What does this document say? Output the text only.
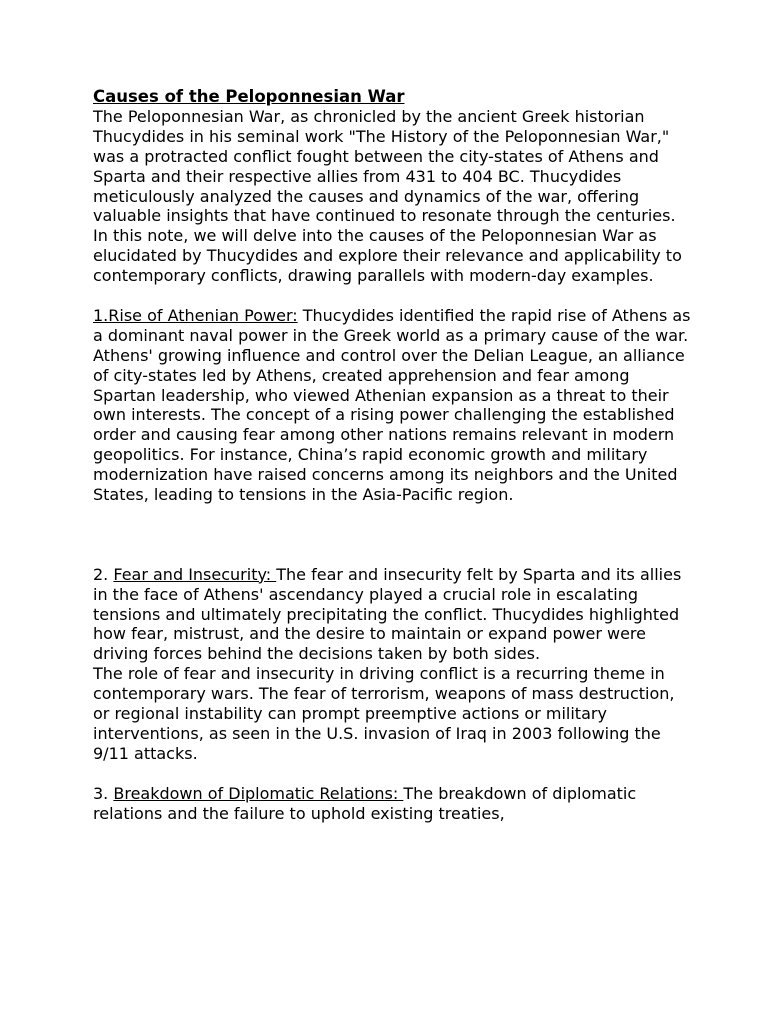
Causes of the Peloponnesian War

The Peloponnesian War, as chronicled by the ancient Greek historian Thucydides in his seminal work "The History of the Peloponnesian War," was a protracted conflict fought between the city-states of Athens and Sparta and their respective allies from 431 to 404 BC. Thucydides meticulously analyzed the causes and dynamics of the war, offering valuable insights that have continued to resonate through the centuries. In this note, we will delve into the causes of the Peloponnesian War as elucidated by Thucydides and explore their relevance and applicability to contemporary conflicts, drawing parallels with modern-day examples.

1.Rise of Athenian Power: Thucydides identified the rapid rise of Athens as a dominant naval power in the Greek world as a primary cause of the war. Athens' growing influence and control over the Delian League, an alliance of city-states led by Athens, created apprehension and fear among Spartan leadership, who viewed Athenian expansion as a threat to their own interests. The concept of a rising power challenging the established order and causing fear among other nations remains relevant in modern geopolitics. For instance, China’s rapid economic growth and military modernization have raised concerns among its neighbors and the United States, leading to tensions in the Asia-Pacific region.

2. Fear and Insecurity: The fear and insecurity felt by Sparta and its allies in the face of Athens' ascendancy played a crucial role in escalating tensions and ultimately precipitating the conflict. Thucydides highlighted how fear, mistrust, and the desire to maintain or expand power were driving forces behind the decisions taken by both sides.

The role of fear and insecurity in driving conflict is a recurring theme in contemporary wars. The fear of terrorism, weapons of mass destruction, or regional instability can prompt preemptive actions or military interventions, as seen in the U.S. invasion of Iraq in 2003 following the 9/11 attacks.

3. Breakdown of Diplomatic Relations: The breakdown of diplomatic relations and the failure to uphold existing treaties,
